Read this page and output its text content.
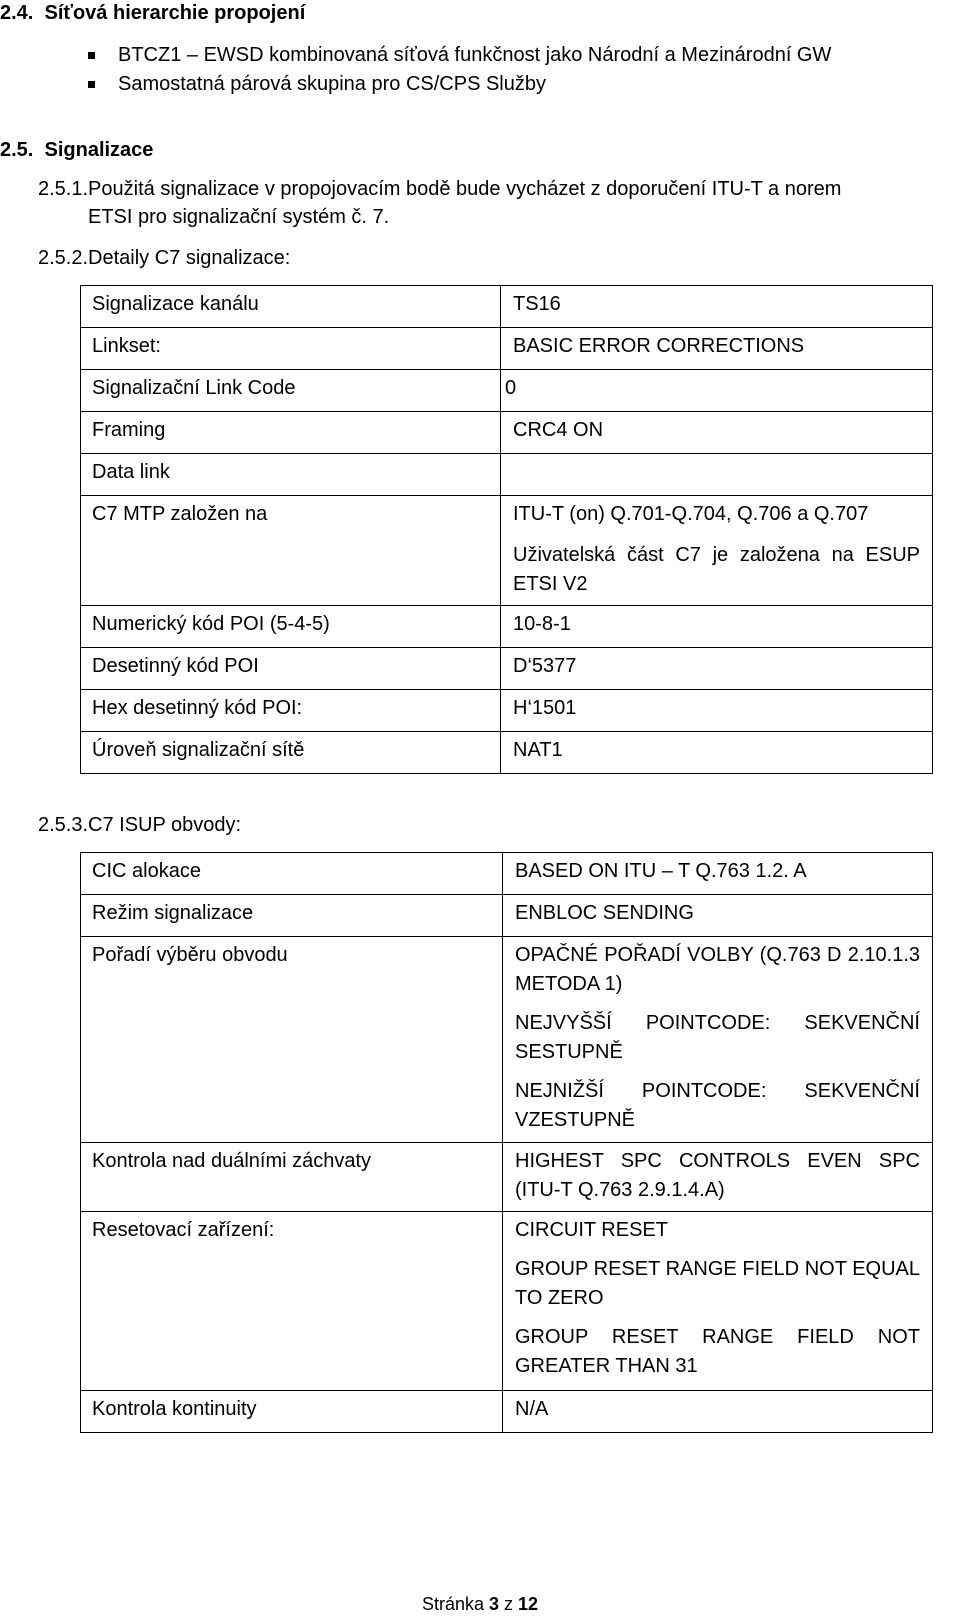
2.4. Síťová hierarchie propojení
BTCZ1 – EWSD kombinovaná síťová funkčnost jako Národní a Mezinárodní GW
Samostatná párová skupina pro CS/CPS Služby
2.5. Signalizace
2.5.1.Použitá signalizace v propojovacím bodě bude vycházet z doporučení ITU-T a norem
ETSI pro signalizační systém č. 7.
2.5.2.Detaily C7 signalizace:
Signalizace kanálu	TS16

Linkset:	BASIC ERROR CORRECTIONS

Signalizační Link Code	0

Framing	CRC4 ON

Data link	

C7 MTP založen na	ITU-T (on) Q.701-Q.704, Q.706 a Q.707
Uživatelská část C7 je založena na ESUP ETSI V2

Numerický kód POI (5-4-5)	10-8-1

Desetinný kód POI	D‘5377

Hex desetinný kód POI:	H‘1501

Úroveň signalizační sítě	NAT1
2.5.3.C7 ISUP obvody:
CIC alokace	BASED ON ITU – T Q.763 1.2. A

Režim signalizace	ENBLOC SENDING

Pořadí výběru obvodu	OPAČNÉ POŘADÍ VOLBY (Q.763 D 2.10.1.3 METODA 1)
NEJVYŠŠÍ POINTCODE: SEKVENČNÍ SESTUPNĚ
NEJNIŽŠÍ POINTCODE: SEKVENČNÍ VZESTUPNĚ

Kontrola nad duálními záchvaty	HIGHEST SPC CONTROLS EVEN SPC (ITU-T Q.763 2.9.1.4.A)

Resetovací zařízení:	CIRCUIT RESET
GROUP RESET RANGE FIELD NOT EQUAL TO ZERO
GROUP RESET RANGE FIELD NOT GREATER THAN 31

Kontrola kontinuity	N/A
Stránka 3 z 12
